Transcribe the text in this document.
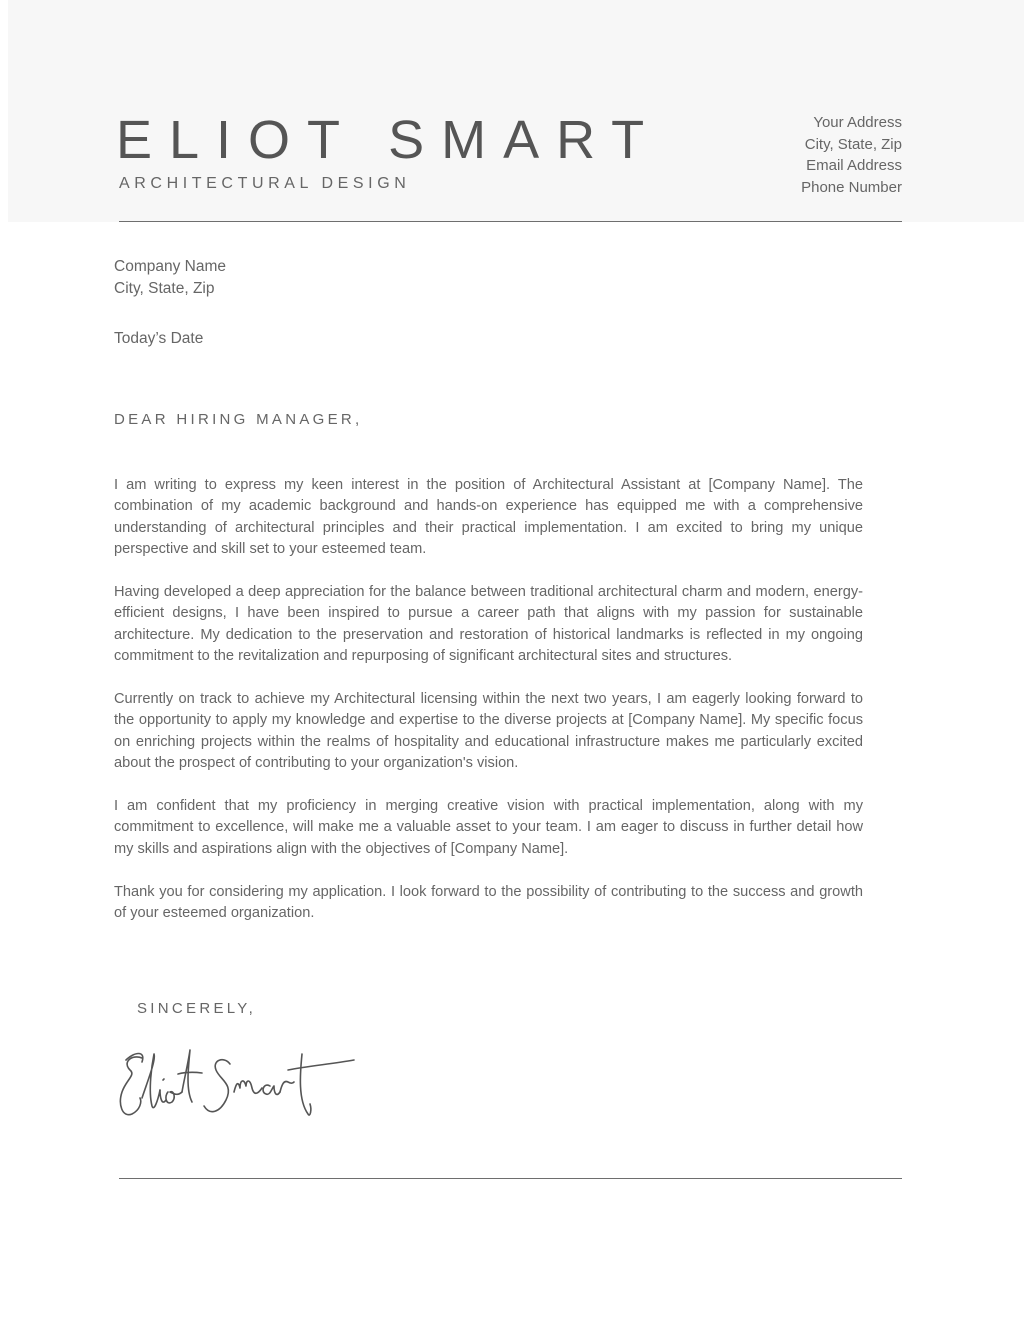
ELIOT SMART
ARCHITECTURAL DESIGN
Your Address
City, State, Zip
Email Address
Phone Number
Company Name
City, State, Zip
Today’s Date
DEAR HIRING MANAGER,

I am writing to express my keen interest in the position of Architectural Assistant at [Company Name]. The combination of my academic background and hands-on experience has equipped me with a comprehensive understanding of architectural principles and their practical implementation. I am excited to bring my unique perspective and skill set to your esteemed team.

Having developed a deep appreciation for the balance between traditional architectural charm and modern, energy-efficient designs, I have been inspired to pursue a career path that aligns with my passion for sustainable architecture. My dedication to the preservation and restoration of historical landmarks is reflected in my ongoing commitment to the revitalization and repurposing of significant architectural sites and structures.

Currently on track to achieve my Architectural licensing within the next two years, I am eagerly looking forward to the opportunity to apply my knowledge and expertise to the diverse projects at [Company Name]. My specific focus on enriching projects within the realms of hospitality and educational infrastructure makes me particularly excited about the prospect of contributing to your organization's vision.

I am confident that my proficiency in merging creative vision with practical implementation, along with my commitment to excellence, will make me a valuable asset to your team. I am eager to discuss in further detail how my skills and aspirations align with the objectives of [Company Name].

Thank you for considering my application. I look forward to the possibility of contributing to the success and growth of your esteemed organization.

SINCERELY,
